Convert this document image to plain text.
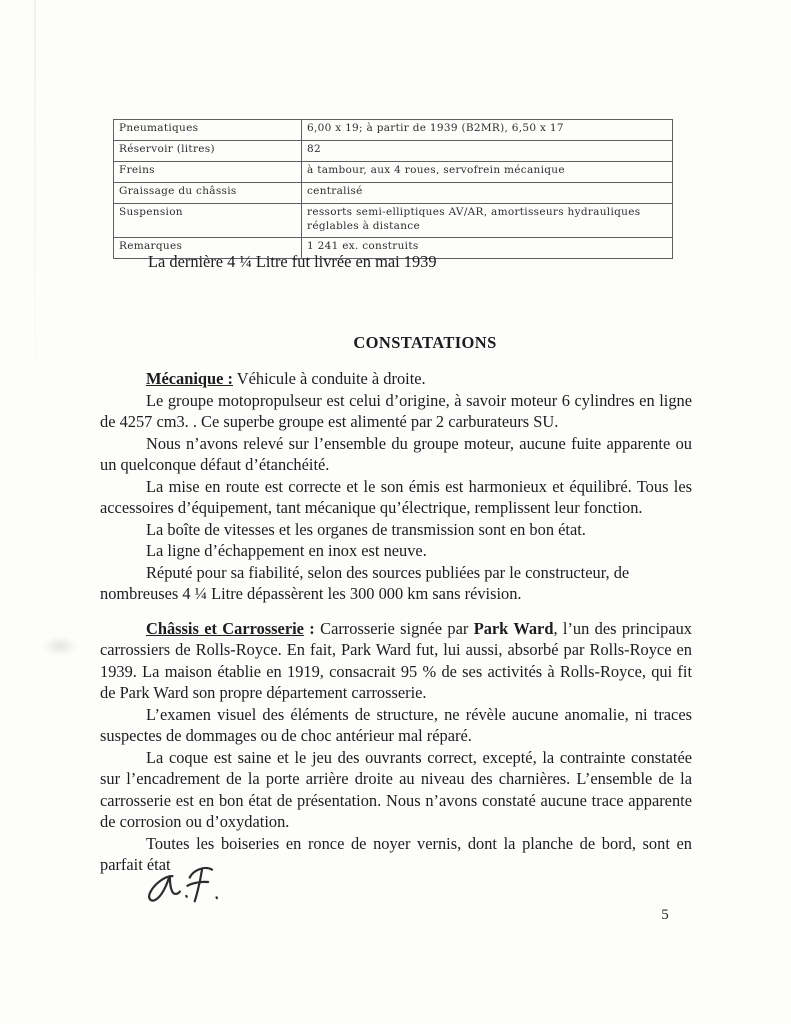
Pneumatiques	6,00 x 19; à partir de 1939 (B2MR), 6,50 x 17
Réservoir (litres)	82
Freins	à tambour, aux 4 roues, servofrein mécanique
Graissage du châssis	centralisé
Suspension	ressorts semi-elliptiques AV/AR, amortisseurs hydrauliques réglables à distance
Remarques	1 241 ex. construits

La dernière 4 ¼ Litre fut livrée en mai 1939

CONSTATATIONS

Mécanique : Véhicule à conduite à droite.

Le groupe motopropulseur est celui d’origine, à savoir moteur 6 cylindres en ligne de 4257 cm3. . Ce superbe groupe est alimenté par 2 carburateurs SU.

Nous n’avons relevé sur l’ensemble du groupe moteur, aucune fuite apparente ou un quelconque défaut d’étanchéité.

La mise en route est correcte et le son émis est harmonieux et équilibré. Tous les accessoires d’équipement, tant mécanique qu’électrique, remplissent leur fonction.

La boîte de vitesses et les organes de transmission sont en bon état.

La ligne d’échappement en inox est neuve.

Réputé pour sa fiabilité, selon des sources publiées par le constructeur, de
nombreuses 4 ¼ Litre dépassèrent les 300 000 km sans révision.

Châssis et Carrosserie : Carrosserie signée par Park Ward, l’un des principaux carrossiers de Rolls-Royce. En fait, Park Ward fut, lui aussi, absorbé par Rolls-Royce en 1939. La maison établie en 1919, consacrait 95 % de ses activités à Rolls-Royce, qui fit de Park Ward son propre département carrosserie.

L’examen visuel des éléments de structure, ne révèle aucune anomalie, ni traces suspectes de dommages ou de choc antérieur mal réparé.

La coque est saine et le jeu des ouvrants correct, excepté, la contrainte constatée sur l’encadrement de la porte arrière droite au niveau des charnières. L’ensemble de la carrosserie est en bon état de présentation. Nous n’avons constaté aucune trace apparente de corrosion ou d’oxydation.

Toutes les boiseries en ronce de noyer vernis, dont la planche de bord, sont en parfait état

5
